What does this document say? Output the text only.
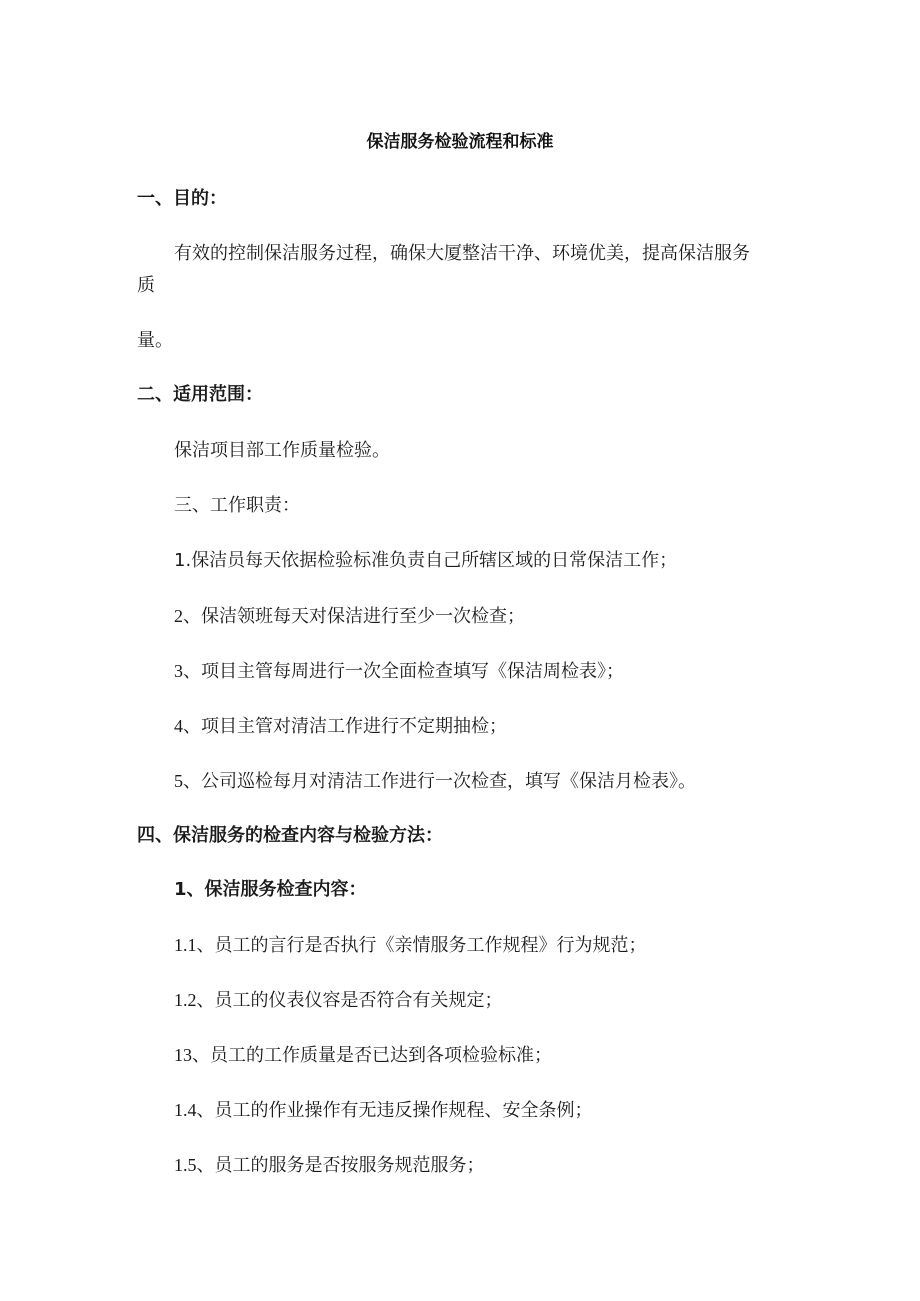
保洁服务检验流程和标准
一、目的：
有效的控制保洁服务过程，确保大厦整洁干净、环境优美，提高保洁服务
质
量。
二、适用范围：
保洁项目部工作质量检验。
三、工作职责：
1.保洁员每天依据检验标准负责自己所辖区域的日常保洁工作；
2、保洁领班每天对保洁进行至少一次检查；
3、项目主管每周进行一次全面检查填写《保洁周检表》；
4、项目主管对清洁工作进行不定期抽检；
5、公司巡检每月对清洁工作进行一次检查，填写《保洁月检表》。
四、保洁服务的检查内容与检验方法：
1、保洁服务检查内容：
1.1、员工的言行是否执行《亲情服务工作规程》行为规范；
1.2、员工的仪表仪容是否符合有关规定；
13、员工的工作质量是否已达到各项检验标准；
1.4、员工的作业操作有无违反操作规程、安全条例；
1.5、员工的服务是否按服务规范服务；
